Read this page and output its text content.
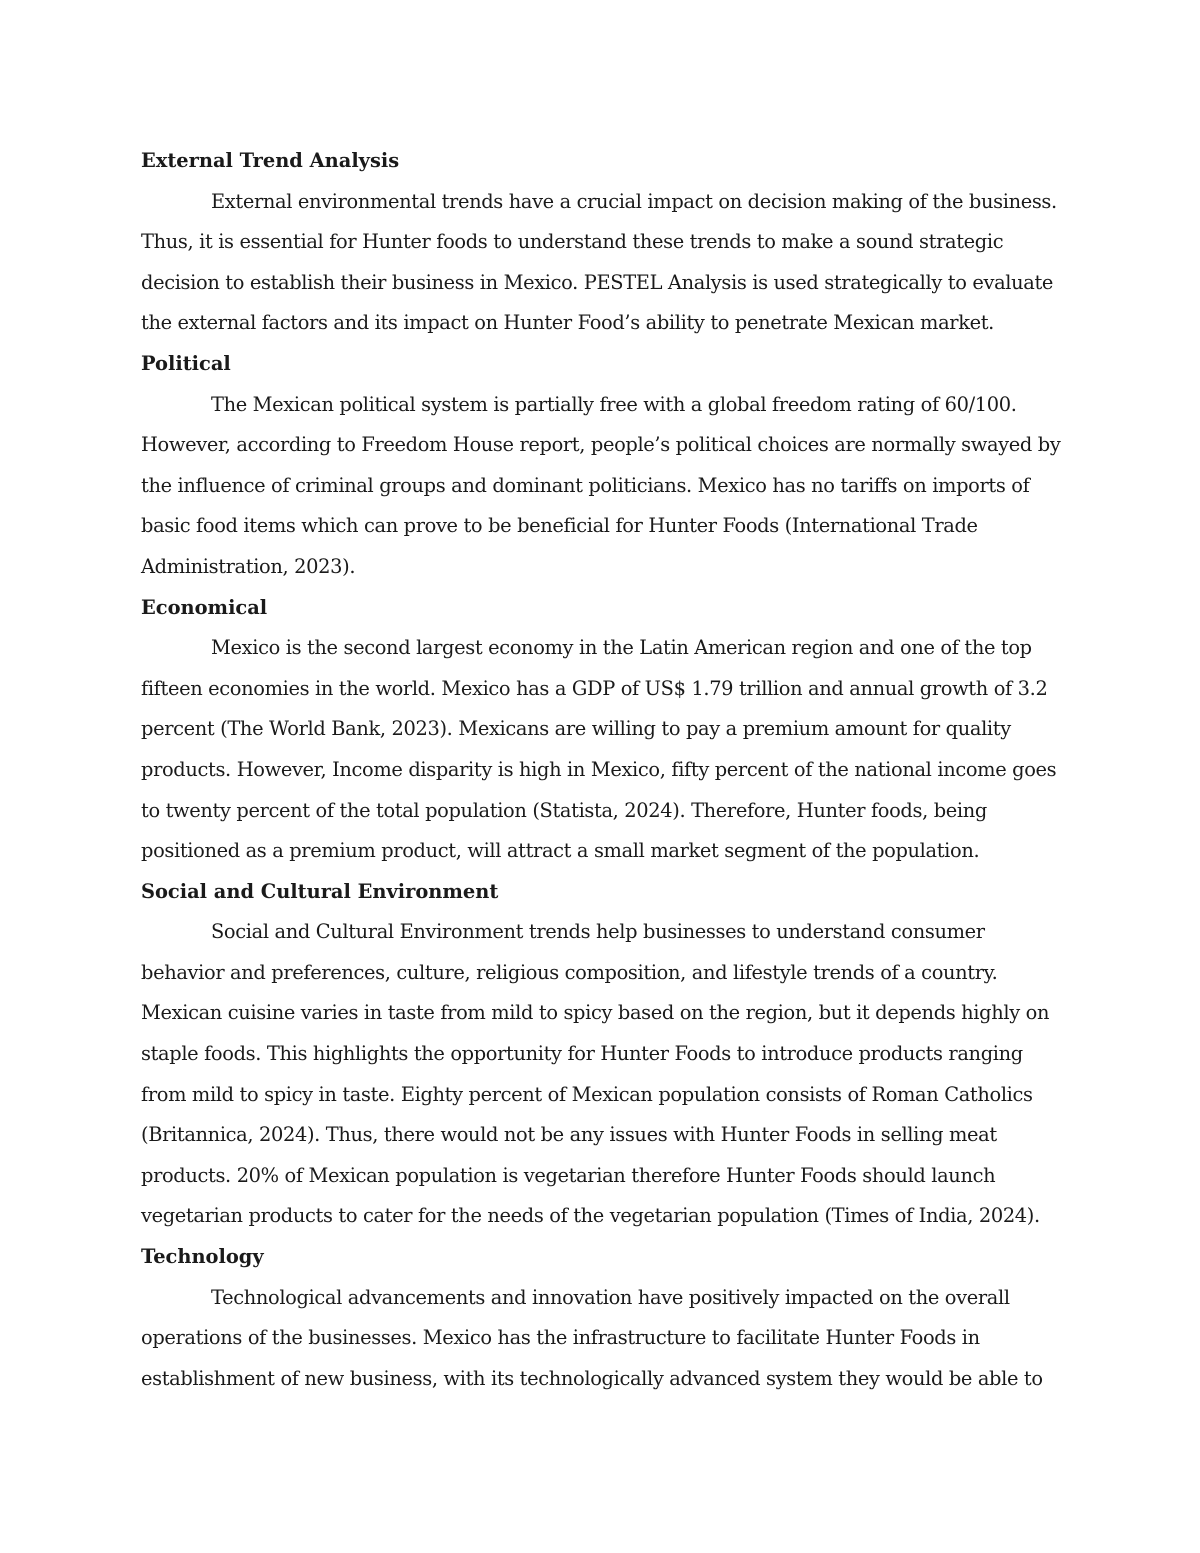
External Trend Analysis

External environmental trends have a crucial impact on decision making of the business. Thus, it is essential for Hunter foods to understand these trends to make a sound strategic decision to establish their business in Mexico. PESTEL Analysis is used strategically to evaluate the external factors and its impact on Hunter Food’s ability to penetrate Mexican market.

Political

The Mexican political system is partially free with a global freedom rating of 60/100. However, according to Freedom House report, people’s political choices are normally swayed by the influence of criminal groups and dominant politicians. Mexico has no tariffs on imports of basic food items which can prove to be beneficial for Hunter Foods (International Trade Administration, 2023).

Economical

Mexico is the second largest economy in the Latin American region and one of the top fifteen economies in the world. Mexico has a GDP of US$ 1.79 trillion and annual growth of 3.2 percent (The World Bank, 2023). Mexicans are willing to pay a premium amount for quality products. However, Income disparity is high in Mexico, fifty percent of the national income goes to twenty percent of the total population (Statista, 2024). Therefore, Hunter foods, being positioned as a premium product, will attract a small market segment of the population.

Social and Cultural Environment

Social and Cultural Environment trends help businesses to understand consumer behavior and preferences, culture, religious composition, and lifestyle trends of a country. Mexican cuisine varies in taste from mild to spicy based on the region, but it depends highly on staple foods. This highlights the opportunity for Hunter Foods to introduce products ranging from mild to spicy in taste. Eighty percent of Mexican population consists of Roman Catholics (Britannica, 2024). Thus, there would not be any issues with Hunter Foods in selling meat products. 20% of Mexican population is vegetarian therefore Hunter Foods should launch vegetarian products to cater for the needs of the vegetarian population (Times of India, 2024).

Technology

Technological advancements and innovation have positively impacted on the overall operations of the businesses. Mexico has the infrastructure to facilitate Hunter Foods in establishment of new business, with its technologically advanced system they would be able to
